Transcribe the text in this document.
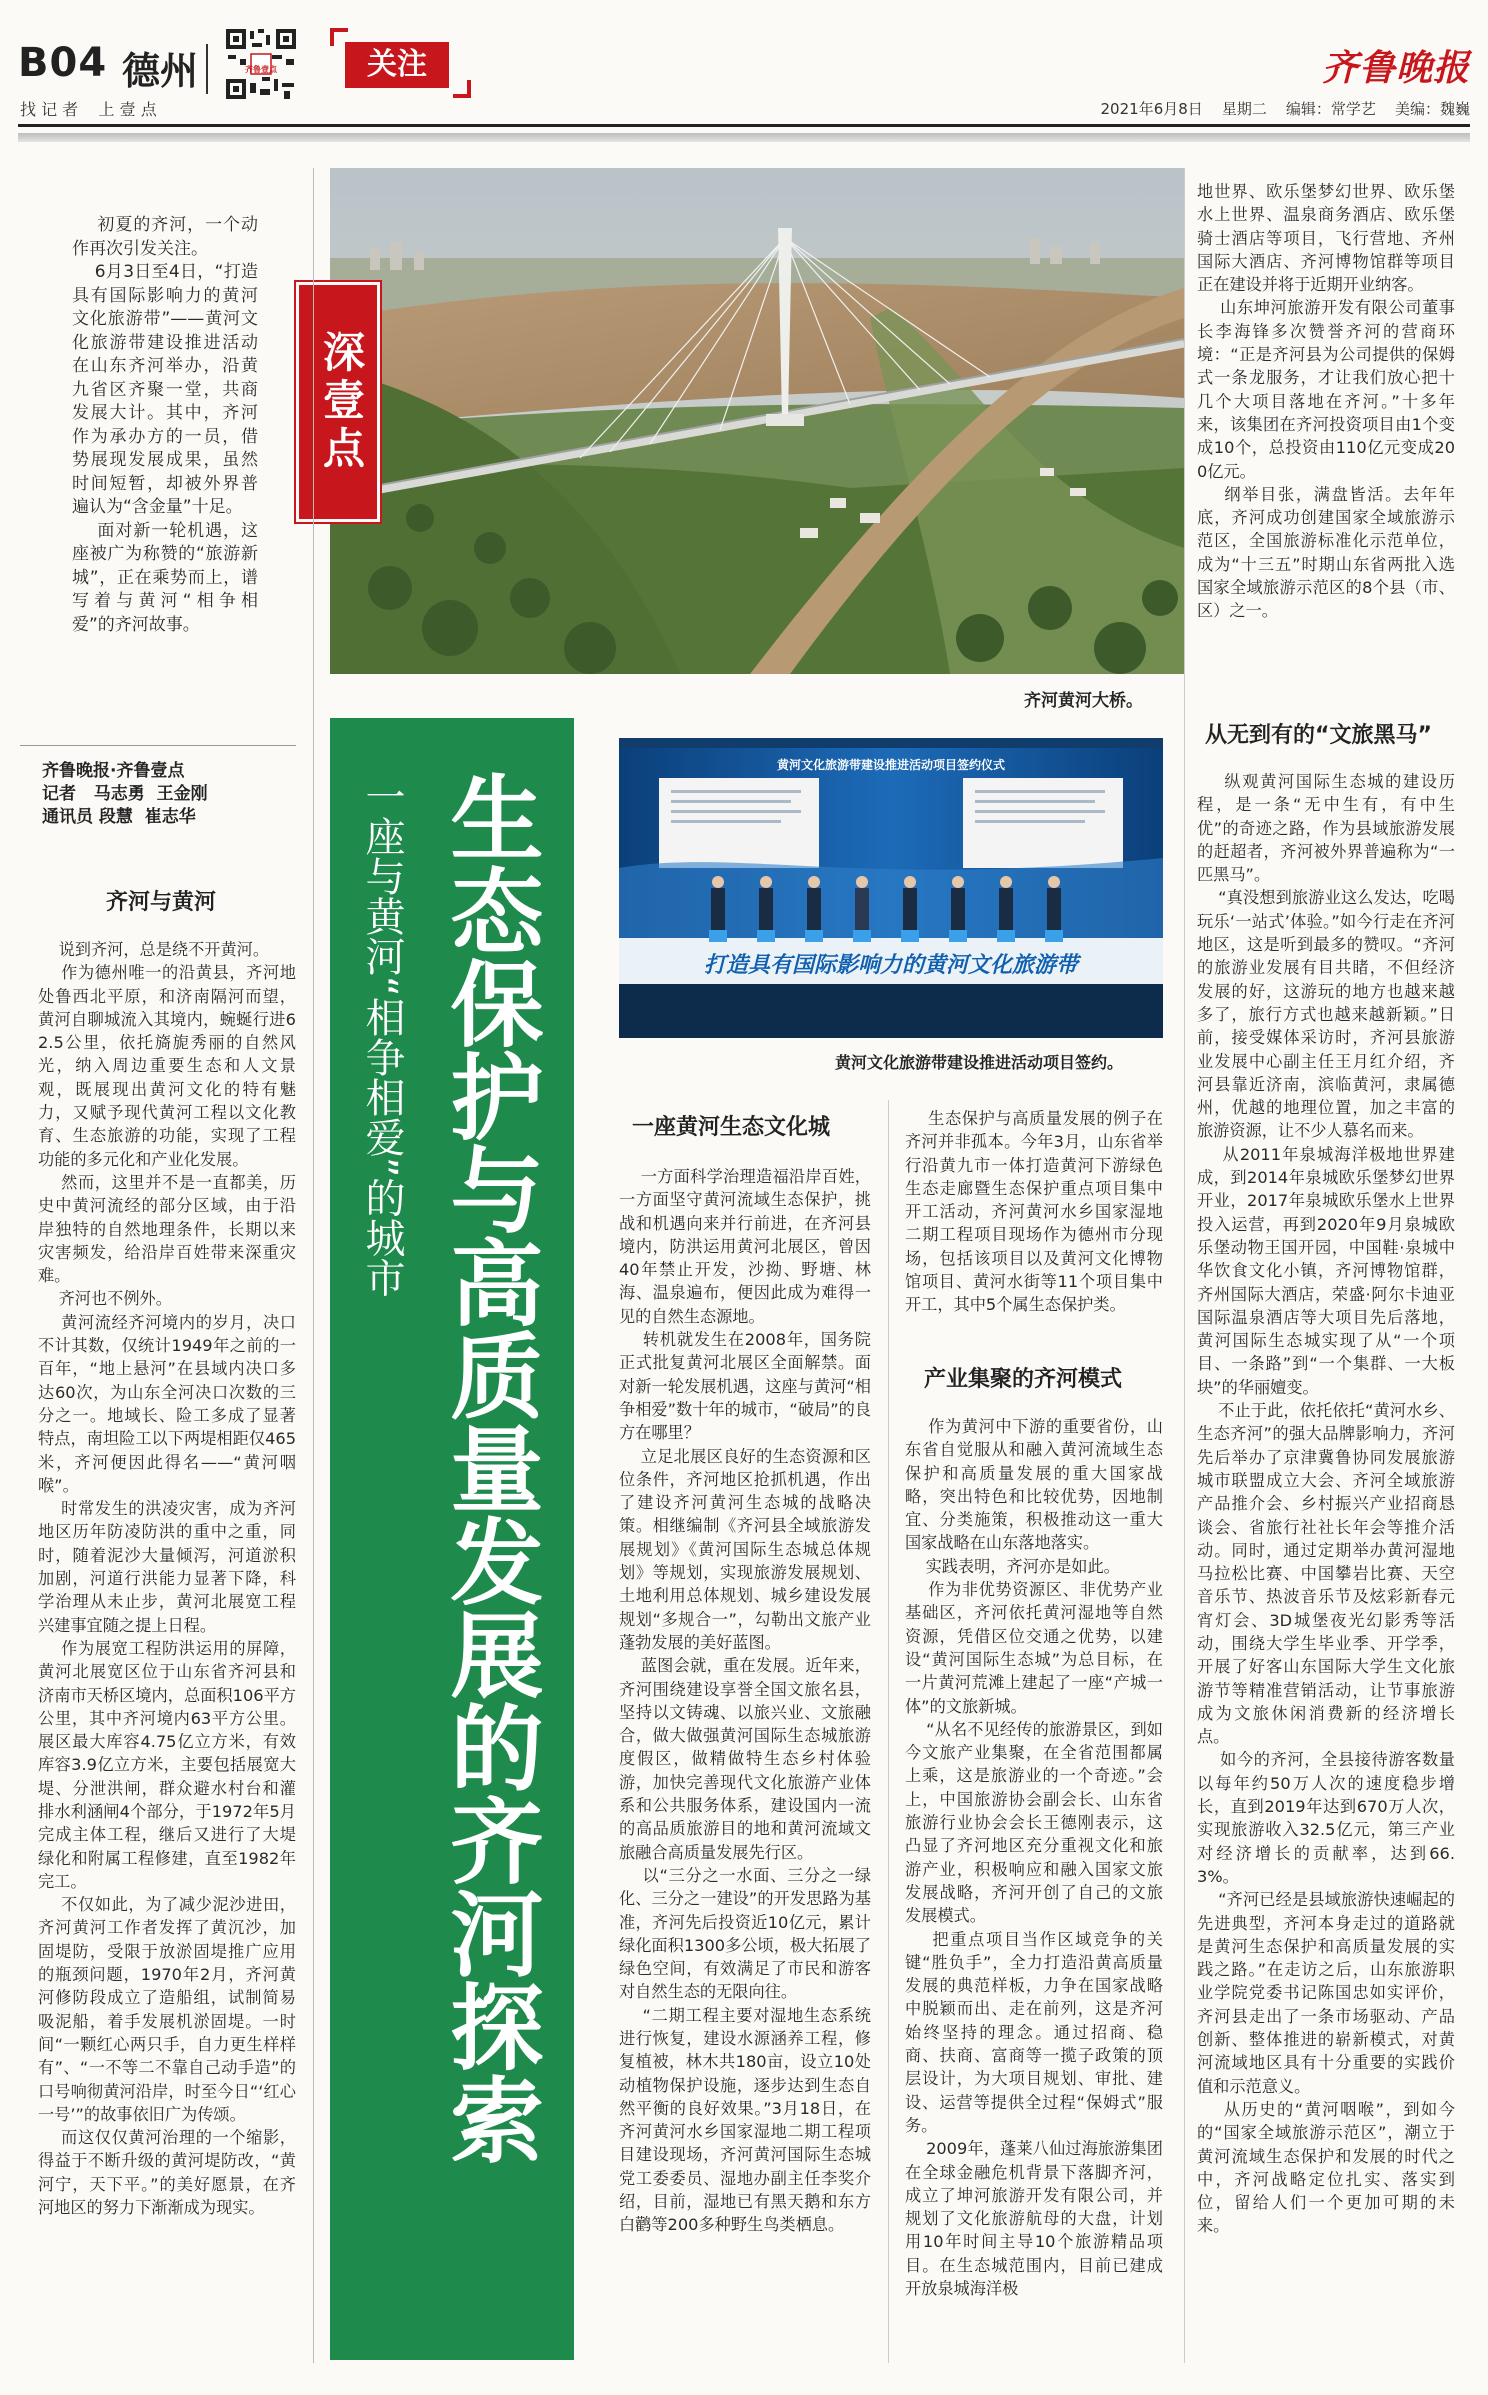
B04 德州
找 记 者    上 壹 点
齐鲁壹点	关注	齐鲁晚报
2021年6月8日    星期二    编辑：常学艺    美编：魏巍
齐河黄河大桥。
深壹点
初夏的齐河，一个动作再次引发关注。
6月3日至4日，“打造具有国际影响力的黄河文化旅游带”——黄河文化旅游带建设推进活动在山东齐河举办，沿黄九省区齐聚一堂，共商发展大计。其中，齐河作为承办方的一员，借势展现发展成果，虽然时间短暂，却被外界普遍认为“含金量”十足。
面对新一轮机遇，这座被广为称赞的“旅游新城”，正在乘势而上，谱写着与黄河“相争相爱”的齐河故事。
齐鲁晚报·齐鲁壹点
记者 马志勇  王金刚
通讯员 段慧  崔志华
齐河与黄河
说到齐河，总是绕不开黄河。
作为德州唯一的沿黄县，齐河地处鲁西北平原，和济南隔河而望，黄河自聊城流入其境内，蜿蜒行进62.5公里，依托旖旎秀丽的自然风光，纳入周边重要生态和人文景观，既展现出黄河文化的特有魅力，又赋予现代黄河工程以文化教育、生态旅游的功能，实现了工程功能的多元化和产业化发展。
然而，这里并不是一直都美，历史中黄河流经的部分区域，由于沿岸独特的自然地理条件，长期以来灾害频发，给沿岸百姓带来深重灾难。
齐河也不例外。
黄河流经齐河境内的岁月，决口不计其数，仅统计1949年之前的一百年，“地上悬河”在县域内决口多达60次，为山东全河决口次数的三分之一。地域长、险工多成了显著特点，南坦险工以下两堤相距仅465米，齐河便因此得名——“黄河咽喉”。
时常发生的洪凌灾害，成为齐河地区历年防凌防洪的重中之重，同时，随着泥沙大量倾泻，河道淤积加剧，河道行洪能力显著下降，科学治理从未止步，黄河北展宽工程兴建事宜随之提上日程。
作为展宽工程防洪运用的屏障，黄河北展宽区位于山东省齐河县和济南市天桥区境内，总面积106平方公里，其中齐河境内63平方公里。展区最大库容4.75亿立方米，有效库容3.9亿立方米，主要包括展宽大堤、分泄洪闸，群众避水村台和灌排水利涵闸4个部分，于1972年5月完成主体工程，继后又进行了大堤绿化和附属工程修建，直至1982年完工。
不仅如此，为了减少泥沙进田，齐河黄河工作者发挥了黄沉沙，加固堤防，受限于放淤固堤推广应用的瓶颈问题，1970年2月，齐河黄河修防段成立了造船组，试制简易吸泥船，着手发展机淤固堤。一时间“一颗红心两只手，自力更生样样有”、“一不等二不靠自己动手造”的口号响彻黄河沿岸，时至今日“‘红心一号’”的故事依旧广为传颂。
而这仅仅黄河治理的一个缩影，得益于不断升级的黄河堤防改，“黄河宁，天下平。”的美好愿景，在齐河地区的努力下渐渐成为现实。
生态保护与高质量发展的齐河探索
一座与黄河“相争相爱”的城市
黄河文化旅游带建设推进活动项目签约仪式
打造具有国际影响力的黄河文化旅游带
黄河文化旅游带建设推进活动项目签约。
一座黄河生态文化城
一方面科学治理造福沿岸百姓，一方面坚守黄河流域生态保护，挑战和机遇向来并行前进，在齐河县境内，防洪运用黄河北展区，曾因40年禁止开发，沙拗、野塘、林海、温泉遍布，便因此成为难得一见的自然生态源地。
转机就发生在2008年，国务院正式批复黄河北展区全面解禁。面对新一轮发展机遇，这座与黄河“相争相爱”数十年的城市，“破局”的良方在哪里？
立足北展区良好的生态资源和区位条件，齐河地区抢抓机遇，作出了建设齐河黄河生态城的战略决策。相继编制《齐河县全域旅游发展规划》《黄河国际生态城总体规划》等规划，实现旅游发展规划、土地利用总体规划、城乡建设发展规划“多规合一”，勾勒出文旅产业蓬勃发展的美好蓝图。
蓝图会就，重在发展。近年来，齐河围绕建设享誉全国文旅名县，坚持以文铸魂、以旅兴业、文旅融合，做大做强黄河国际生态城旅游度假区，做精做特生态乡村体验游，加快完善现代文化旅游产业体系和公共服务体系，建设国内一流的高品质旅游目的地和黄河流域文旅融合高质量发展先行区。
以“三分之一水面、三分之一绿化、三分之一建设”的开发思路为基准，齐河先后投资近10亿元，累计绿化面积1300多公顷，极大拓展了绿色空间，有效满足了市民和游客对自然生态的无限向往。
“二期工程主要对湿地生态系统进行恢复，建设水源涵养工程，修复植被，林木共180亩，设立10处动植物保护设施，逐步达到生态自然平衡的良好效果。”3月18日，在齐河黄河水乡国家湿地二期工程项目建设现场，齐河黄河国际生态城党工委委员、湿地办副主任李奖介绍，目前，湿地已有黑天鹅和东方白鹳等200多种野生鸟类栖息。
生态保护与高质量发展的例子在齐河并非孤本。今年3月，山东省举行沿黄九市一体打造黄河下游绿色生态走廊暨生态保护重点项目集中开工活动，齐河黄河水乡国家湿地二期工程项目现场作为德州市分现场，包括该项目以及黄河文化博物馆项目、黄河水街等11个项目集中开工，其中5个属生态保护类。
产业集聚的齐河模式
作为黄河中下游的重要省份，山东省自觉服从和融入黄河流域生态保护和高质量发展的重大国家战略，突出特色和比较优势，因地制宜、分类施策，积极推动这一重大国家战略在山东落地落实。
实践表明，齐河亦是如此。
作为非优势资源区、非优势产业基础区，齐河依托黄河湿地等自然资源，凭借区位交通之优势，以建设“黄河国际生态城”为总目标，在一片黄河荒滩上建起了一座“产城一体”的文旅新城。
“从名不见经传的旅游景区，到如今文旅产业集聚，在全省范围都属上乘，这是旅游业的一个奇迹。”会上，中国旅游协会副会长、山东省旅游行业协会会长王德刚表示，这凸显了齐河地区充分重视文化和旅游产业，积极响应和融入国家文旅发展战略，齐河开创了自己的文旅发展模式。
把重点项目当作区域竞争的关键“胜负手”，全力打造沿黄高质量发展的典范样板，力争在国家战略中脱颖而出、走在前列，这是齐河始终坚持的理念。通过招商、稳商、扶商、富商等一揽子政策的顶层设计，为大项目规划、审批、建设、运营等提供全过程“保姆式”服务。
2009年，蓬莱八仙过海旅游集团在全球金融危机背景下落脚齐河，成立了坤河旅游开发有限公司，并规划了文化旅游航母的大盘，计划用10年时间主导10个旅游精品项目。在生态城范围内，目前已建成开放泉城海洋极
地世界、欧乐堡梦幻世界、欧乐堡水上世界、温泉商务酒店、欧乐堡骑士酒店等项目，飞行营地、齐州国际大酒店、齐河博物馆群等项目正在建设并将于近期开业纳客。
山东坤河旅游开发有限公司董事长李海锋多次赞誉齐河的营商环境：“正是齐河县为公司提供的保姆式一条龙服务，才让我们放心把十几个大项目落地在齐河。”十多年来，该集团在齐河投资项目由1个变成10个，总投资由110亿元变成200亿元。
纲举目张，满盘皆活。去年年底，齐河成功创建国家全域旅游示范区，全国旅游标准化示范单位，成为“十三五”时期山东省两批入选国家全域旅游示范区的8个县（市、区）之一。
从无到有的“文旅黑马”
纵观黄河国际生态城的建设历程，是一条“无中生有，有中生优”的奇迹之路，作为县域旅游发展的赶超者，齐河被外界普遍称为“一匹黑马”。
“真没想到旅游业这么发达，吃喝玩乐‘一站式’体验。”如今行走在齐河地区，这是听到最多的赞叹。“齐河的旅游业发展有目共睹，不但经济发展的好，这游玩的地方也越来越多了，旅行方式也越来越新颖。”日前，接受媒体采访时，齐河县旅游业发展中心副主任王月红介绍，齐河县靠近济南，滨临黄河，隶属德州，优越的地理位置，加之丰富的旅游资源，让不少人慕名而来。
从2011年泉城海洋极地世界建成，到2014年泉城欧乐堡梦幻世界开业，2017年泉城欧乐堡水上世界投入运营，再到2020年9月泉城欧乐堡动物王国开园，中国鞋·泉城中华饮食文化小镇，齐河博物馆群，齐州国际大酒店，荣盛·阿尔卡迪亚国际温泉酒店等大项目先后落地，黄河国际生态城实现了从“一个项目、一条路”到“一个集群、一大板块”的华丽嬗变。
不止于此，依托依托“黄河水乡、生态齐河”的强大品牌影响力，齐河先后举办了京津冀鲁协同发展旅游城市联盟成立大会、齐河全域旅游产品推介会、乡村振兴产业招商恳谈会、省旅行社社长年会等推介活动。同时，通过定期举办黄河湿地马拉松比赛、中国攀岩比赛、天空音乐节、热波音乐节及炫彩新春元宵灯会、3D城堡夜光幻影秀等活动，围绕大学生毕业季、开学季，开展了好客山东国际大学生文化旅游节等精准营销活动，让节事旅游成为文旅休闲消费新的经济增长点。
如今的齐河，全县接待游客数量以每年约50万人次的速度稳步增长，直到2019年达到670万人次，实现旅游收入32.5亿元，第三产业对经济增长的贡献率，达到66.3%。
“齐河已经是县域旅游快速崛起的先进典型，齐河本身走过的道路就是黄河生态保护和高质量发展的实践之路。”在走访之后，山东旅游职业学院党委书记陈国忠如实评价，齐河县走出了一条市场驱动、产品创新、整体推进的崭新模式，对黄河流域地区具有十分重要的实践价值和示范意义。
从历史的“黄河咽喉”，到如今的“国家全域旅游示范区”，潮立于黄河流域生态保护和发展的时代之中，齐河战略定位扎实、落实到位，留给人们一个更加可期的未来。
